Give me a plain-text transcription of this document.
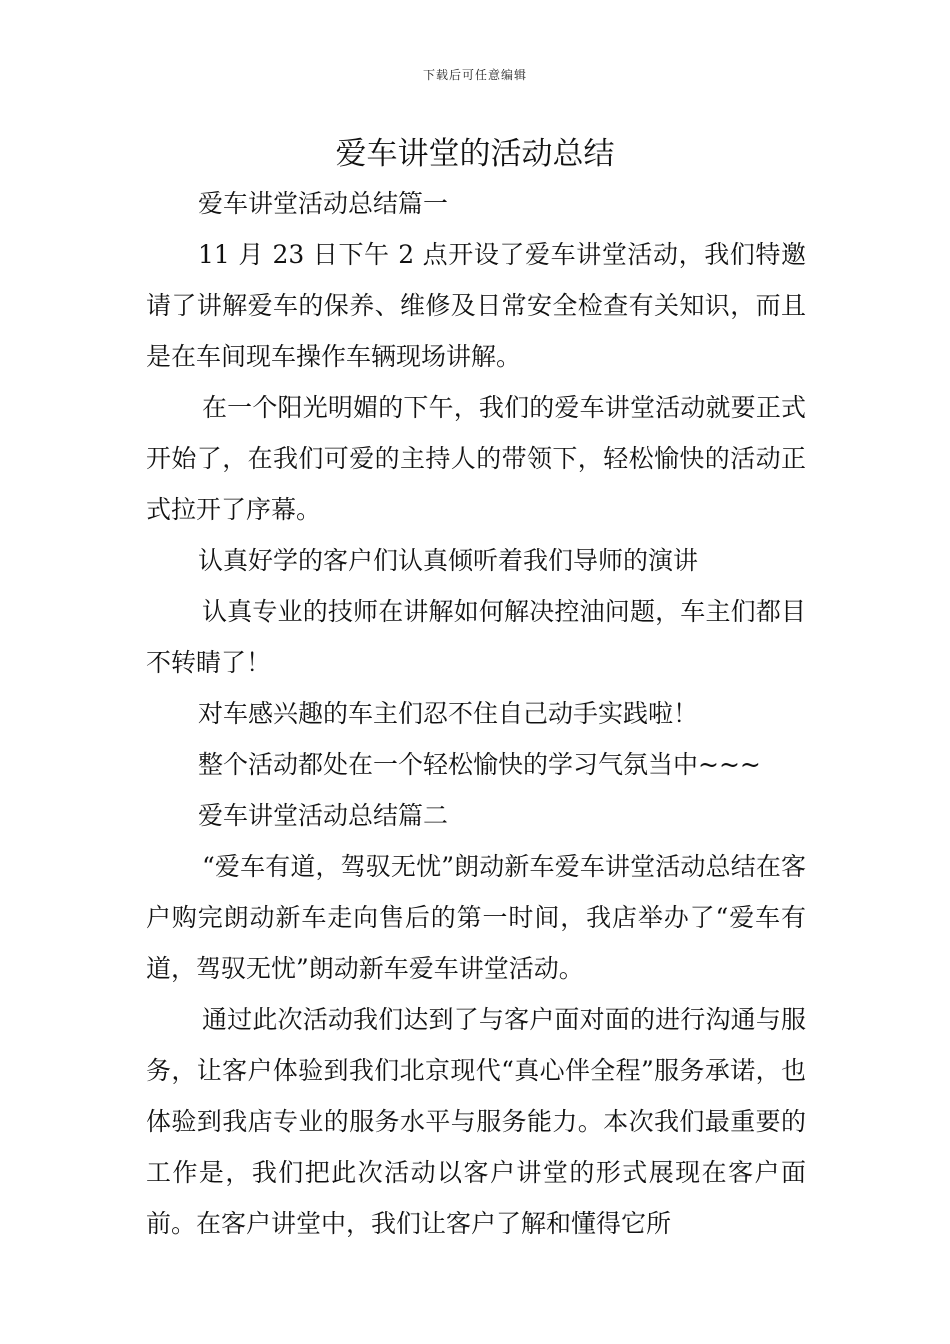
下载后可任意编辑
爱车讲堂的活动总结

爱车讲堂活动总结篇一

11 月 23 日下午 2 点开设了爱车讲堂活动，我们特邀请了讲解爱车的保养、维修及日常安全检查有关知识，而且是在车间现车操作车辆现场讲解。

在一个阳光明媚的下午，我们的爱车讲堂活动就要正式开始了，在我们可爱的主持人的带领下，轻松愉快的活动正式拉开了序幕。

认真好学的客户们认真倾听着我们导师的演讲

认真专业的技师在讲解如何解决控油问题，车主们都目不转睛了！

对车感兴趣的车主们忍不住自己动手实践啦！

整个活动都处在一个轻松愉快的学习气氛当中~~~

爱车讲堂活动总结篇二

“爱车有道，驾驭无忧”朗动新车爱车讲堂活动总结在客户购完朗动新车走向售后的第一时间，我店举办了“爱车有道，驾驭无忧”朗动新车爱车讲堂活动。

通过此次活动我们达到了与客户面对面的进行沟通与服务，让客户体验到我们北京现代“真心伴全程”服务承诺，也体验到我店专业的服务水平与服务能力。本次我们最重要的工作是，我们把此次活动以客户讲堂的形式展现在客户面前。在客户讲堂中，我们让客户了解和懂得它所
